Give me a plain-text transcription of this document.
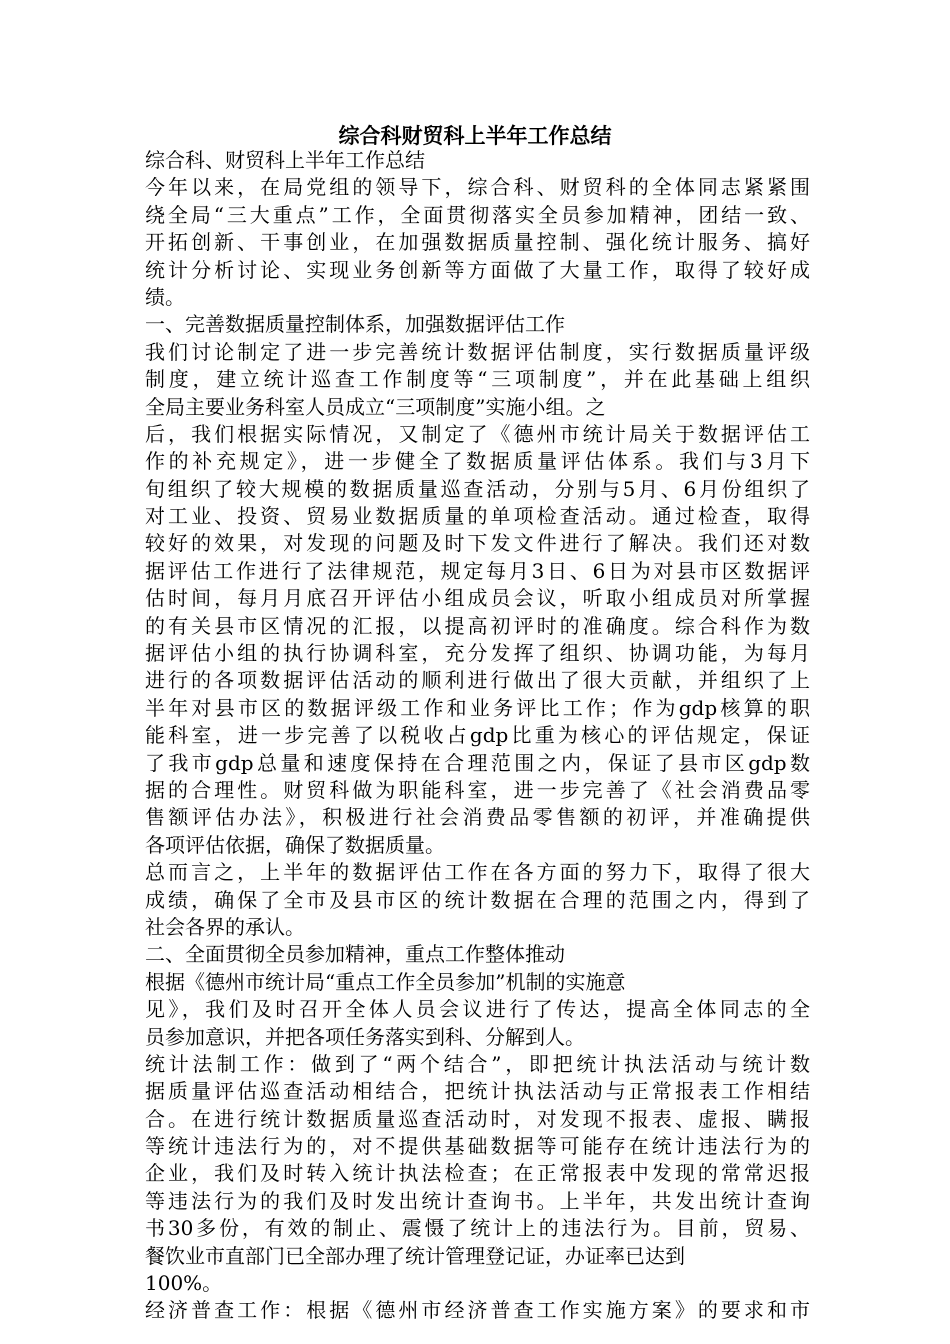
综合科财贸科上半年工作总结
综合科、财贸科上半年工作总结
今年以来，在局党组的领导下，综合科、财贸科的全体同志紧紧围
绕全局“三大重点”工作，全面贯彻落实全员参加精神，团结一致、
开拓创新、干事创业，在加强数据质量控制、强化统计服务、搞好
统计分析讨论、实现业务创新等方面做了大量工作，取得了较好成
绩。
一、完善数据质量控制体系，加强数据评估工作
我们讨论制定了进一步完善统计数据评估制度，实行数据质量评级
制度，建立统计巡查工作制度等“三项制度”，并在此基础上组织
全局主要业务科室人员成立“三项制度”实施小组。之
后，我们根据实际情况，又制定了《德州市统计局关于数据评估工
作的补充规定》，进一步健全了数据质量评估体系。我们与3月下
旬组织了较大规模的数据质量巡查活动，分别与5月、6月份组织了
对工业、投资、贸易业数据质量的单项检查活动。通过检查，取得
较好的效果，对发现的问题及时下发文件进行了解决。我们还对数
据评估工作进行了法律规范，规定每月3日、6日为对县市区数据评
估时间，每月月底召开评估小组成员会议，听取小组成员对所掌握
的有关县市区情况的汇报，以提高初评时的准确度。综合科作为数
据评估小组的执行协调科室，充分发挥了组织、协调功能，为每月
进行的各项数据评估活动的顺利进行做出了很大贡献，并组织了上
半年对县市区的数据评级工作和业务评比工作；作为gdp核算的职
能科室，进一步完善了以税收占gdp比重为核心的评估规定，保证
了我市gdp总量和速度保持在合理范围之内，保证了县市区gdp数
据的合理性。财贸科做为职能科室，进一步完善了《社会消费品零
售额评估办法》，积极进行社会消费品零售额的初评，并准确提供
各项评估依据，确保了数据质量。
总而言之，上半年的数据评估工作在各方面的努力下，取得了很大
成绩，确保了全市及县市区的统计数据在合理的范围之内，得到了
社会各界的承认。
二、全面贯彻全员参加精神，重点工作整体推动
根据《德州市统计局“重点工作全员参加”机制的实施意
见》，我们及时召开全体人员会议进行了传达，提高全体同志的全
员参加意识，并把各项任务落实到科、分解到人。
统计法制工作：做到了“两个结合”，即把统计执法活动与统计数
据质量评估巡查活动相结合，把统计执法活动与正常报表工作相结
合。在进行统计数据质量巡查活动时，对发现不报表、虚报、瞒报
等统计违法行为的，对不提供基础数据等可能存在统计违法行为的
企业，我们及时转入统计执法检查；在正常报表中发现的常常迟报
等违法行为的我们及时发出统计查询书。上半年，共发出统计查询
书30多份，有效的制止、震慑了统计上的违法行为。目前，贸易、
餐饮业市直部门已全部办理了统计管理登记证，办证率已达到
100%。
经济普查工作：根据《德州市经济普查工作实施方案》的要求和市
